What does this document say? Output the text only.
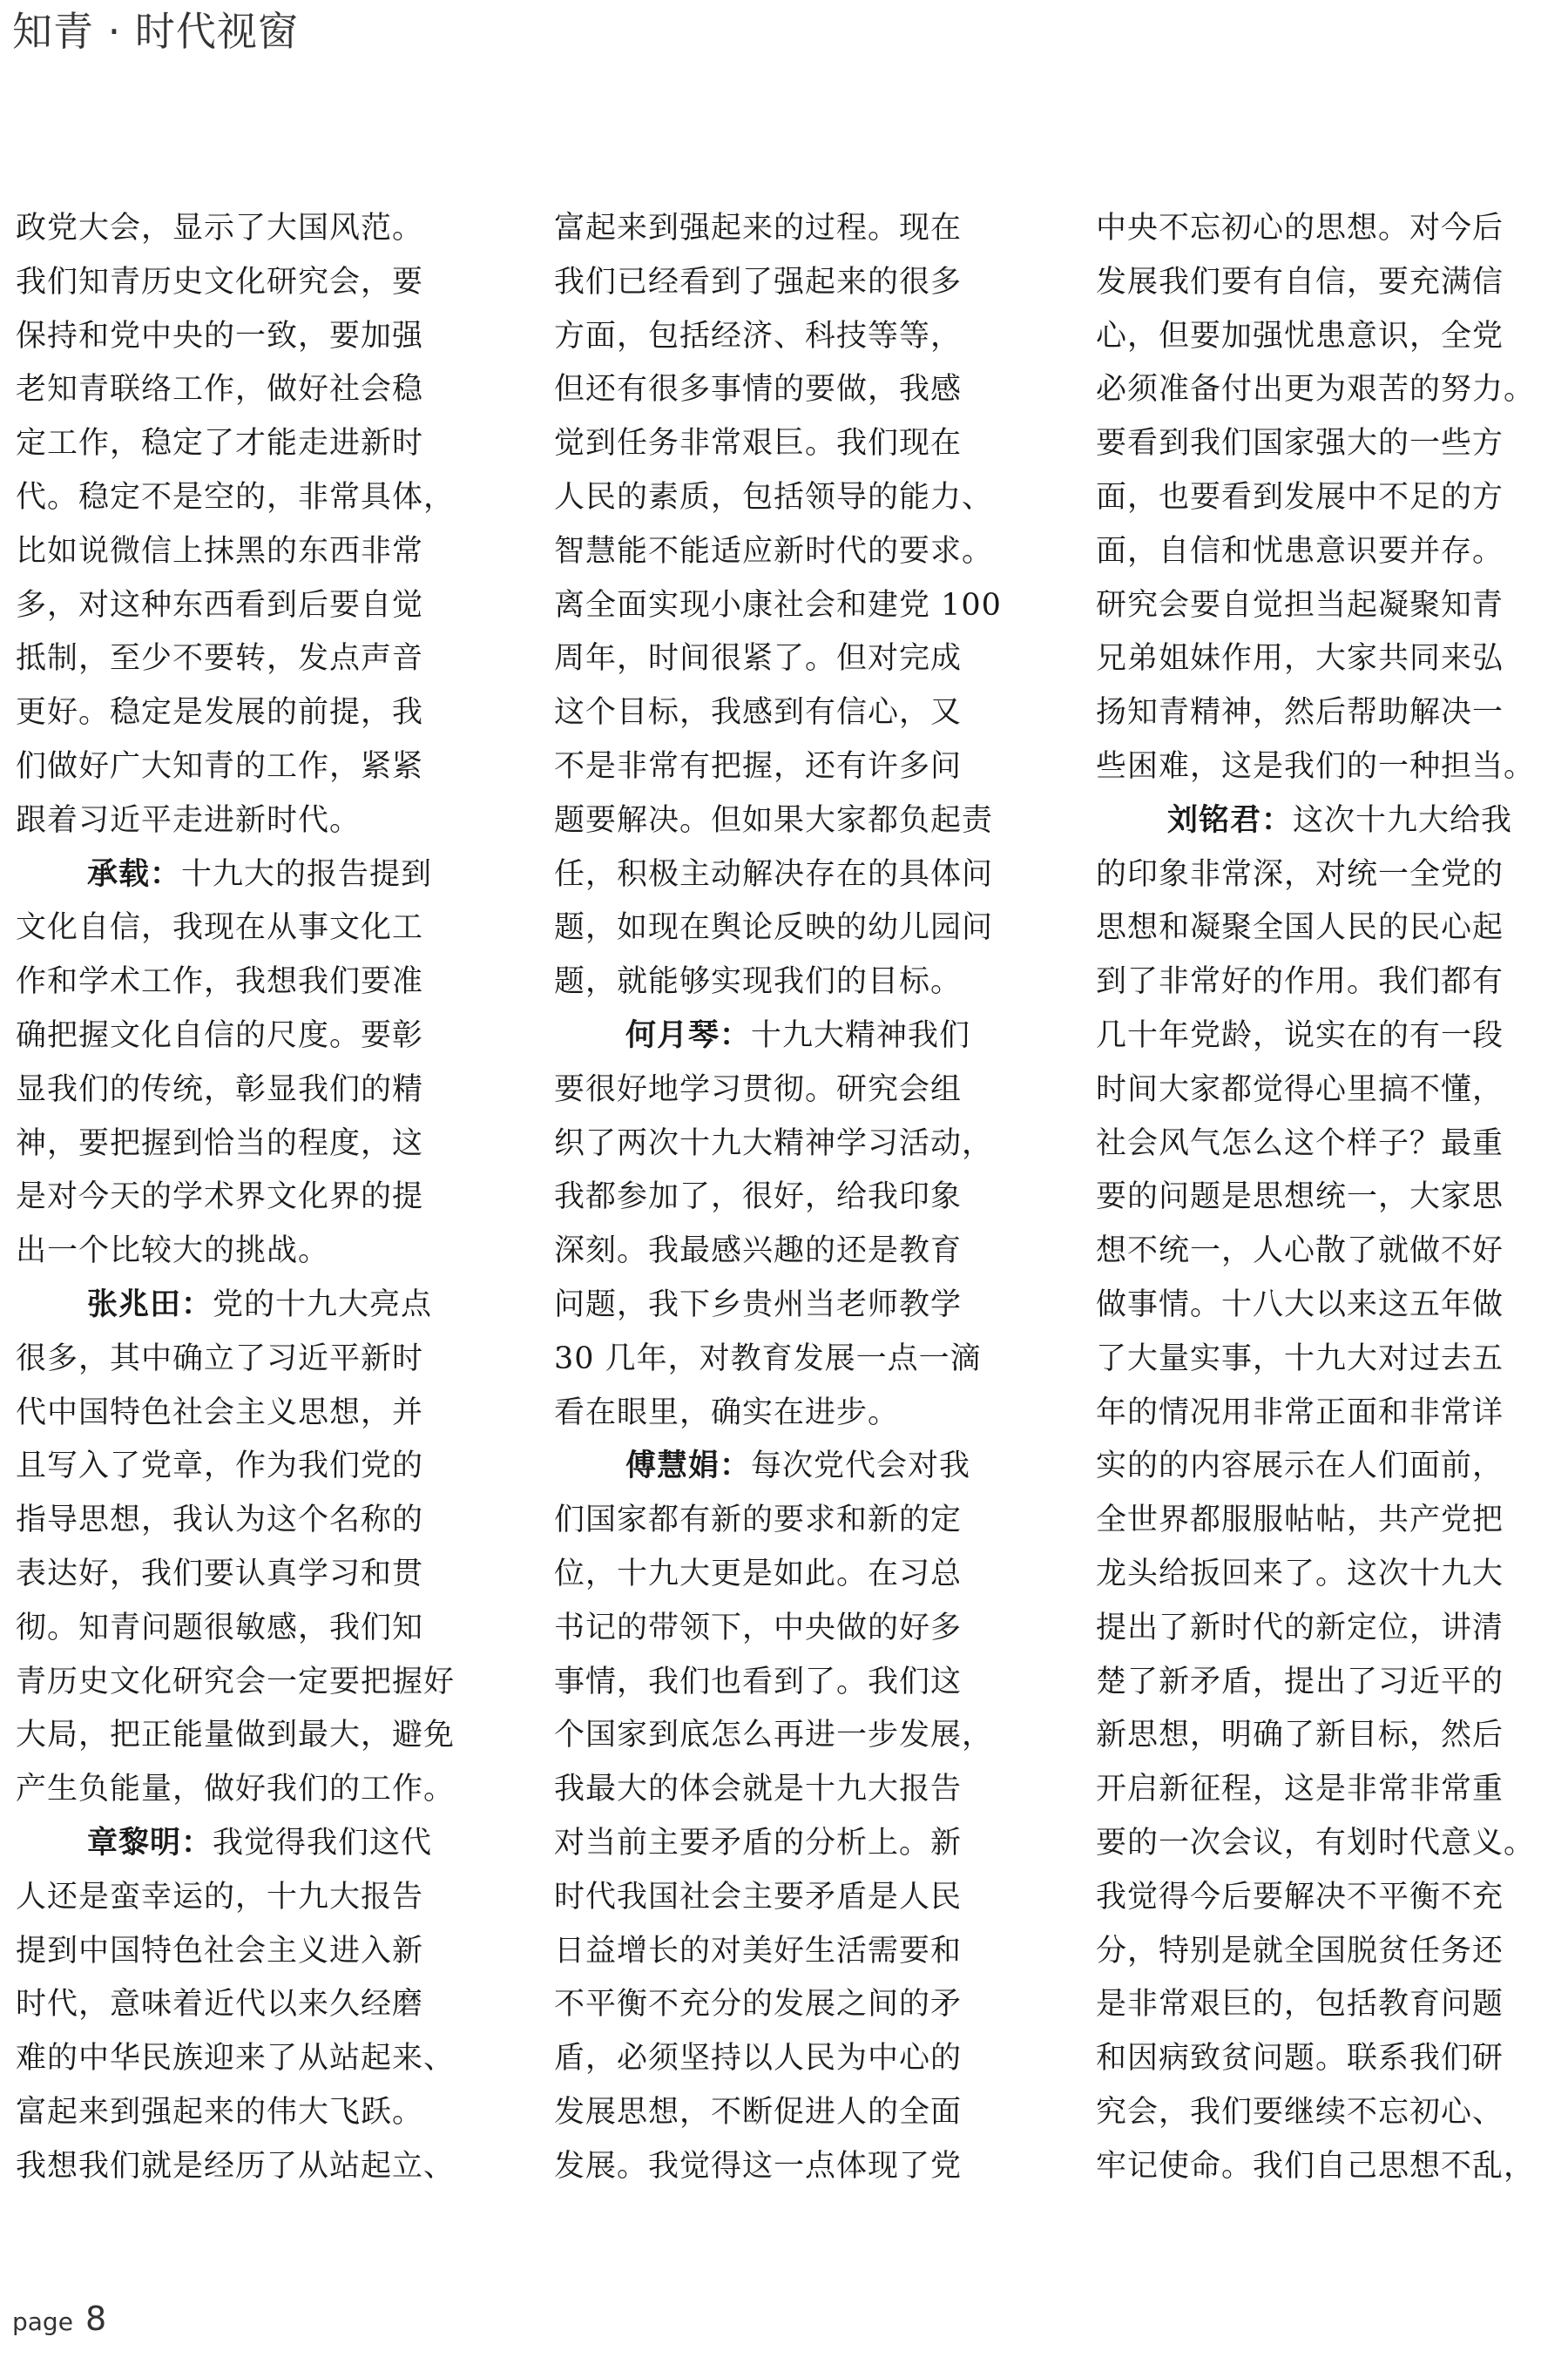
知青 · 时代视窗
政党大会，显示了大国风范。
我们知青历史文化研究会，要
保持和党中央的一致，要加强
老知青联络工作，做好社会稳
定工作，稳定了才能走进新时
代。稳定不是空的，非常具体，
比如说微信上抹黑的东西非常
多，对这种东西看到后要自觉
抵制，至少不要转，发点声音
更好。稳定是发展的前提，我
们做好广大知青的工作，紧紧
跟着习近平走进新时代。
承载：十九大的报告提到
文化自信，我现在从事文化工
作和学术工作，我想我们要准
确把握文化自信的尺度。要彰
显我们的传统，彰显我们的精
神，要把握到恰当的程度，这
是对今天的学术界文化界的提
出一个比较大的挑战。
张兆田：党的十九大亮点
很多，其中确立了习近平新时
代中国特色社会主义思想，并
且写入了党章，作为我们党的
指导思想，我认为这个名称的
表达好，我们要认真学习和贯
彻。知青问题很敏感，我们知
青历史文化研究会一定要把握好
大局，把正能量做到最大，避免
产生负能量，做好我们的工作。
章黎明：我觉得我们这代
人还是蛮幸运的，十九大报告
提到中国特色社会主义进入新
时代，意味着近代以来久经磨
难的中华民族迎来了从站起来、
富起来到强起来的伟大飞跃。
我想我们就是经历了从站起立、
富起来到强起来的过程。现在
我们已经看到了强起来的很多
方面，包括经济、科技等等，
但还有很多事情的要做，我感
觉到任务非常艰巨。我们现在
人民的素质，包括领导的能力、
智慧能不能适应新时代的要求。
离全面实现小康社会和建党 100
周年，时间很紧了。但对完成
这个目标，我感到有信心，又
不是非常有把握，还有许多问
题要解决。但如果大家都负起责
任，积极主动解决存在的具体问
题，如现在舆论反映的幼儿园问
题，就能够实现我们的目标。
何月琴：十九大精神我们
要很好地学习贯彻。研究会组
织了两次十九大精神学习活动，
我都参加了，很好，给我印象
深刻。我最感兴趣的还是教育
问题，我下乡贵州当老师教学
30 几年，对教育发展一点一滴
看在眼里，确实在进步。
傅慧娟：每次党代会对我
们国家都有新的要求和新的定
位，十九大更是如此。在习总
书记的带领下，中央做的好多
事情，我们也看到了。我们这
个国家到底怎么再进一步发展，
我最大的体会就是十九大报告
对当前主要矛盾的分析上。新
时代我国社会主要矛盾是人民
日益增长的对美好生活需要和
不平衡不充分的发展之间的矛
盾，必须坚持以人民为中心的
发展思想，不断促进人的全面
发展。我觉得这一点体现了党
中央不忘初心的思想。对今后
发展我们要有自信，要充满信
心，但要加强忧患意识，全党
必须准备付出更为艰苦的努力。
要看到我们国家强大的一些方
面，也要看到发展中不足的方
面，自信和忧患意识要并存。
研究会要自觉担当起凝聚知青
兄弟姐妹作用，大家共同来弘
扬知青精神，然后帮助解决一
些困难，这是我们的一种担当。
刘铭君：这次十九大给我
的印象非常深，对统一全党的
思想和凝聚全国人民的民心起
到了非常好的作用。我们都有
几十年党龄，说实在的有一段
时间大家都觉得心里搞不懂，
社会风气怎么这个样子？最重
要的问题是思想统一，大家思
想不统一，人心散了就做不好
做事情。十八大以来这五年做
了大量实事，十九大对过去五
年的情况用非常正面和非常详
实的的内容展示在人们面前，
全世界都服服帖帖，共产党把
龙头给扳回来了。这次十九大
提出了新时代的新定位，讲清
楚了新矛盾，提出了习近平的
新思想，明确了新目标，然后
开启新征程，这是非常非常重
要的一次会议，有划时代意义。
我觉得今后要解决不平衡不充
分，特别是就全国脱贫任务还
是非常艰巨的，包括教育问题
和因病致贫问题。联系我们研
究会，我们要继续不忘初心、
牢记使命。我们自己思想不乱，
page 8
